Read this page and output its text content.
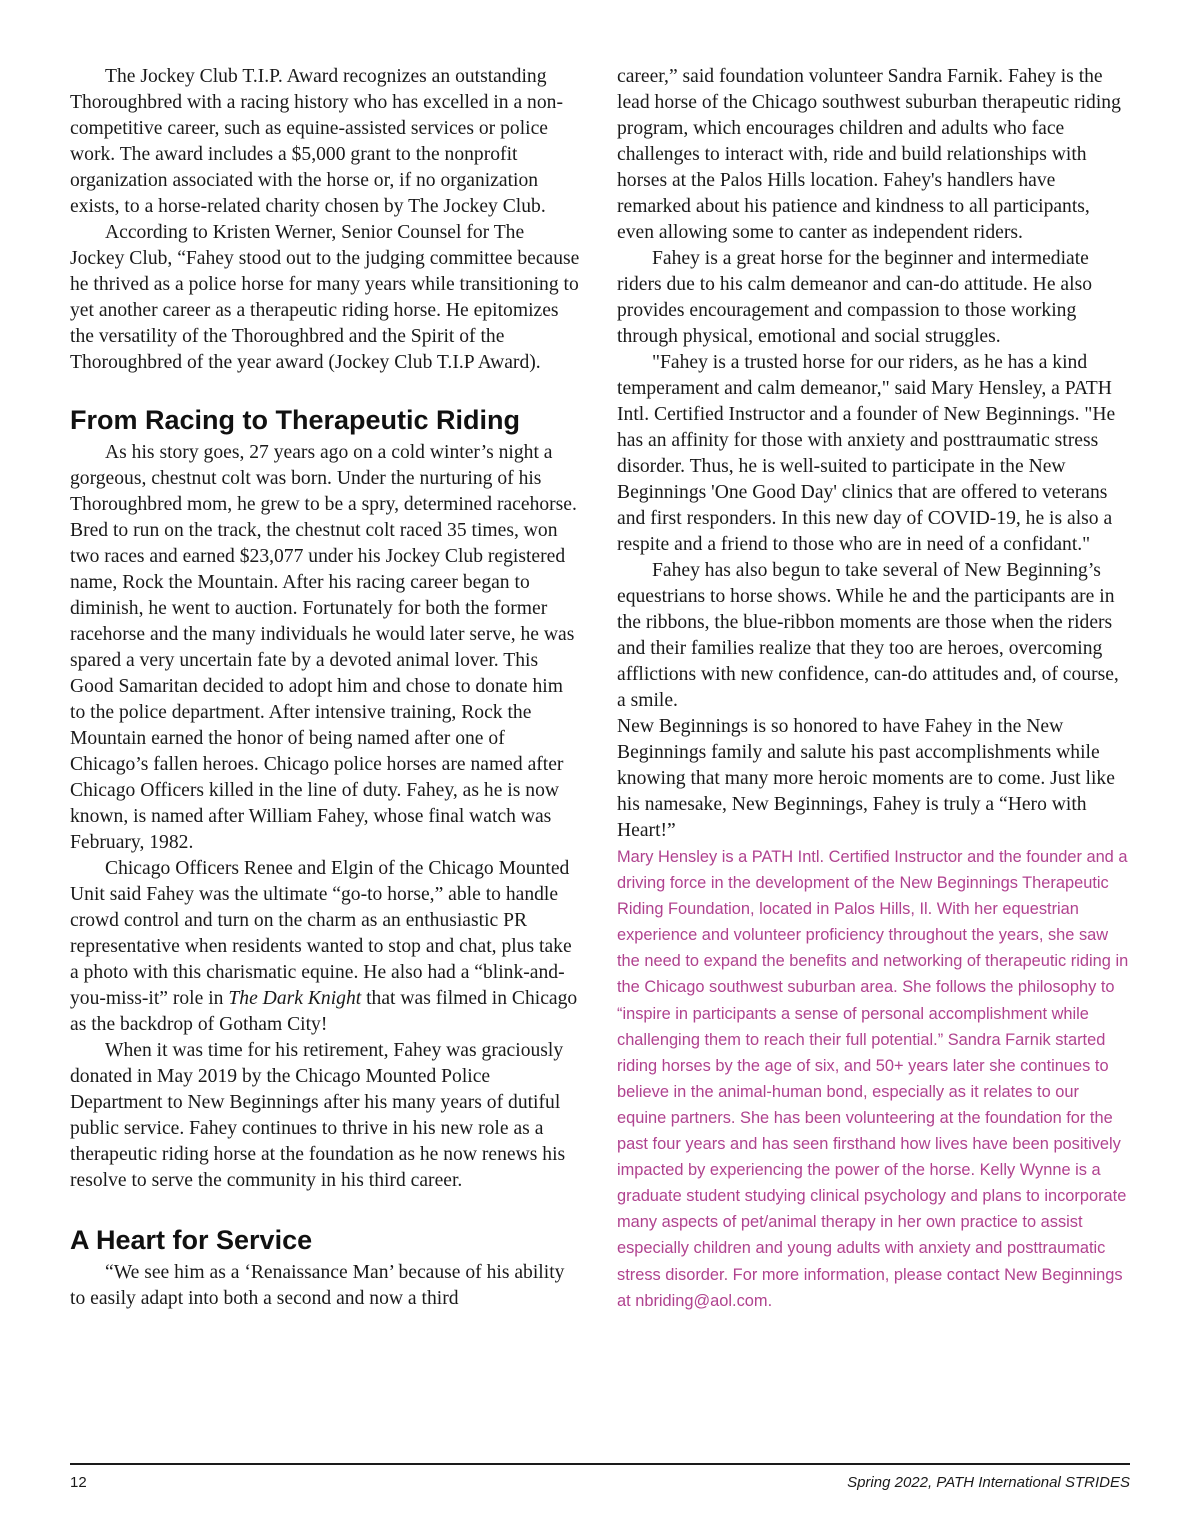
The Jockey Club T.I.P. Award recognizes an outstanding Thoroughbred with a racing history who has excelled in a non-competitive career, such as equine-assisted services or police work. The award includes a $5,000 grant to the nonprofit organization associated with the horse or, if no organization exists, to a horse-related charity chosen by The Jockey Club.

According to Kristen Werner, Senior Counsel for The Jockey Club, “Fahey stood out to the judging committee because he thrived as a police horse for many years while transitioning to yet another career as a therapeutic riding horse. He epitomizes the versatility of the Thoroughbred and the Spirit of the Thoroughbred of the year award (Jockey Club T.I.P Award).

From Racing to Therapeutic Riding

As his story goes, 27 years ago on a cold winter’s night a gorgeous, chestnut colt was born. Under the nurturing of his Thoroughbred mom, he grew to be a spry, determined racehorse. Bred to run on the track, the chestnut colt raced 35 times, won two races and earned $23,077 under his Jockey Club registered name, Rock the Mountain. After his racing career began to diminish, he went to auction. Fortunately for both the former racehorse and the many individuals he would later serve, he was spared a very uncertain fate by a devoted animal lover. This Good Samaritan decided to adopt him and chose to donate him to the police department. After intensive training, Rock the Mountain earned the honor of being named after one of Chicago’s fallen heroes. Chicago police horses are named after Chicago Officers killed in the line of duty. Fahey, as he is now known, is named after William Fahey, whose final watch was February, 1982.

Chicago Officers Renee and Elgin of the Chicago Mounted Unit said Fahey was the ultimate “go-to horse,” able to handle crowd control and turn on the charm as an enthusiastic PR representative when residents wanted to stop and chat, plus take a photo with this charismatic equine. He also had a “blink-and-you-miss-it” role in The Dark Knight that was filmed in Chicago as the backdrop of Gotham City!

When it was time for his retirement, Fahey was graciously donated in May 2019 by the Chicago Mounted Police Department to New Beginnings after his many years of dutiful public service. Fahey continues to thrive in his new role as a therapeutic riding horse at the foundation as he now renews his resolve to serve the community in his third career.

A Heart for Service

“We see him as a ‘Renaissance Man’ because of his ability to easily adapt into both a second and now a third

career,” said foundation volunteer Sandra Farnik. Fahey is the lead horse of the Chicago southwest suburban therapeutic riding program, which encourages children and adults who face challenges to interact with, ride and build relationships with horses at the Palos Hills location. Fahey's handlers have remarked about his patience and kindness to all participants, even allowing some to canter as independent riders.

Fahey is a great horse for the beginner and intermediate riders due to his calm demeanor and can-do attitude. He also provides encouragement and compassion to those working through physical, emotional and social struggles.

"Fahey is a trusted horse for our riders, as he has a kind temperament and calm demeanor," said Mary Hensley, a PATH Intl. Certified Instructor and a founder of New Beginnings. "He has an affinity for those with anxiety and posttraumatic stress disorder. Thus, he is well-suited to participate in the New Beginnings 'One Good Day' clinics that are offered to veterans and first responders. In this new day of COVID-19, he is also a respite and a friend to those who are in need of a confidant."

Fahey has also begun to take several of New Beginning’s equestrians to horse shows. While he and the participants are in the ribbons, the blue-ribbon moments are those when the riders and their families realize that they too are heroes, overcoming afflictions with new confidence, can-do attitudes and, of course, a smile.

New Beginnings is so honored to have Fahey in the New Beginnings family and salute his past accomplishments while knowing that many more heroic moments are to come. Just like his namesake, New Beginnings, Fahey is truly a “Hero with Heart!”

Mary Hensley is a PATH Intl. Certified Instructor and the founder and a driving force in the development of the New Beginnings Therapeutic Riding Foundation, located in Palos Hills, Il. With her equestrian experience and volunteer proficiency throughout the years, she saw the need to expand the benefits and networking of therapeutic riding in the Chicago southwest suburban area. She follows the philosophy to “inspire in participants a sense of personal accomplishment while challenging them to reach their full potential.” Sandra Farnik started riding horses by the age of six, and 50+ years later she continues to believe in the animal-human bond, especially as it relates to our equine partners. She has been volunteering at the foundation for the past four years and has seen firsthand how lives have been positively impacted by experiencing the power of the horse. Kelly Wynne is a graduate student studying clinical psychology and plans to incorporate many aspects of pet/animal therapy in her own practice to assist especially children and young adults with anxiety and posttraumatic stress disorder. For more information, please contact New Beginnings at nbriding@aol.com.

12	Spring 2022, PATH International STRIDES
